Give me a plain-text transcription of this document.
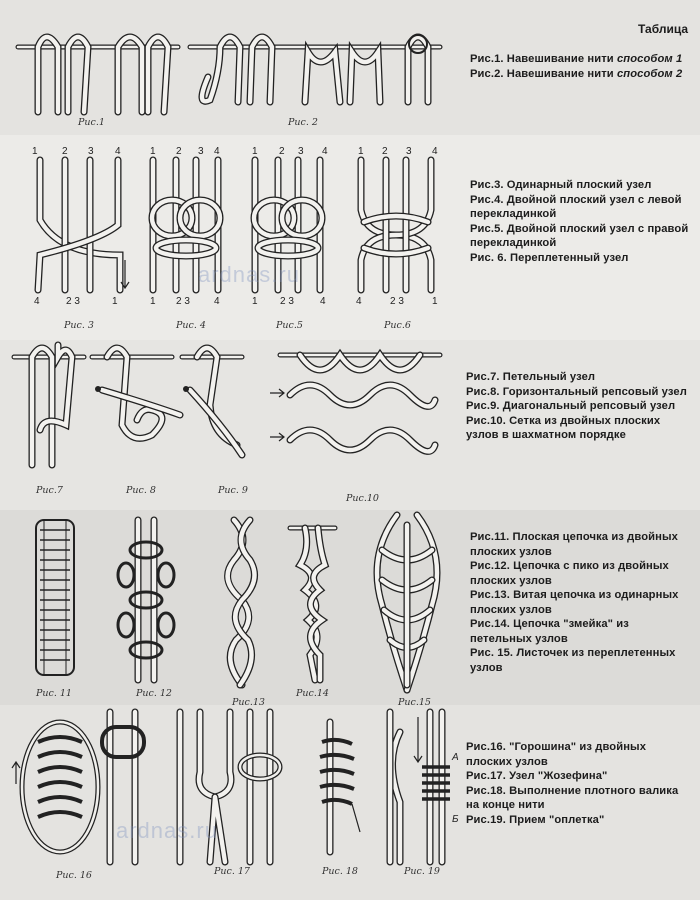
Таблица
Рис.1	Рис. 2
Рис.1. Навешивание нити способом 1
Рис.2. Навешивание нити способом 2
1 2 3 4	1 2 3 4	1 2 3 4	1 2 3 4
4	2 3	1	1 2 3 4	1 2 3	4	4	2 3	1
Рис. 3	Рис. 4	Рис.5	Рис.6
ardnas.ru
Рис.3. Одинарный плоский узел
Рис.4. Двойной плоский узел с левой перекладинкой
Рис.5. Двойной плоский узел с правой перекладинкой
Рис. 6. Переплетенный узел
Рис.7	Рис. 8	Рис. 9
Рис.10
Рис.7. Петельный узел
Рис.8. Горизонтальный репсовый узел
Рис.9. Диагональный репсовый узел
Рис.10. Сетка из двойных плоских узлов в шахматном порядке
Рис. 11	Рис. 12
Рис.13
Рис.14
Рис.15
Рис.11. Плоская цепочка из двойных плоских узлов
Рис.12. Цепочка с пико из двойных плоских узлов
Рис.13. Витая цепочка из одинарных плоских узлов
Рис.14. Цепочка "змейка" из петельных узлов
Рис. 15. Листочек из переплетенных узлов
А
Б
Рис. 16	Рис. 17	Рис. 18	Рис. 19
ardnas.ru
Рис.16. "Горошина" из двойных плоских узлов
Рис.17. Узел "Жозефина"
Рис.18. Выполнение плотного валика на конце нити
Рис.19. Прием "оплетка"
